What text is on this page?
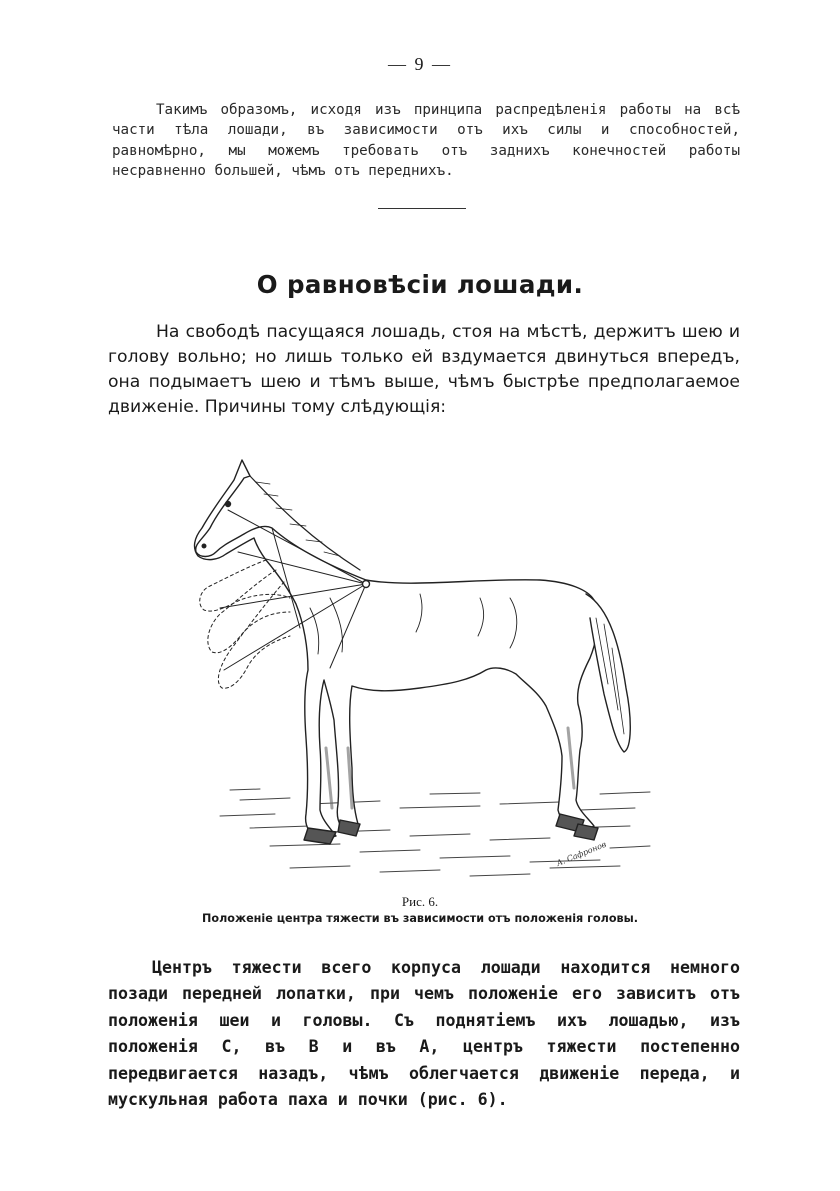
— 9 —

Такимъ образомъ, исходя изъ принципа распредѣленія работы на всѣ части тѣла лошади, въ зависимости отъ ихъ силы и способностей, равномѣрно, мы можемъ требовать отъ заднихъ конечностей работы несравненно большей, чѣмъ отъ переднихъ.

О равновѣсіи лошади.

На свободѣ пасущаяся лошадь, стоя на мѣстѣ, держитъ шею и голову вольно; но лишь только ей вздумается двинуться впередъ, она подымаетъ шею и тѣмъ выше, чѣмъ быстрѣе предполагаемое движеніе. Причины тому слѣдующія:

A. Сафронов

Рис. 6.

Положеніе центра тяжести въ зависимости отъ положенія головы.

Центръ тяжести всего корпуса лошади находится немного позади передней лопатки, при чемъ положеніе его зависитъ отъ положенія шеи и головы. Съ поднятіемъ ихъ лошадью, изъ положенія С, въ В и въ А, центръ тяжести постепенно передвигается назадъ, чѣмъ облегчается движеніе переда, и мускульная работа паха и почки (рис. 6).
